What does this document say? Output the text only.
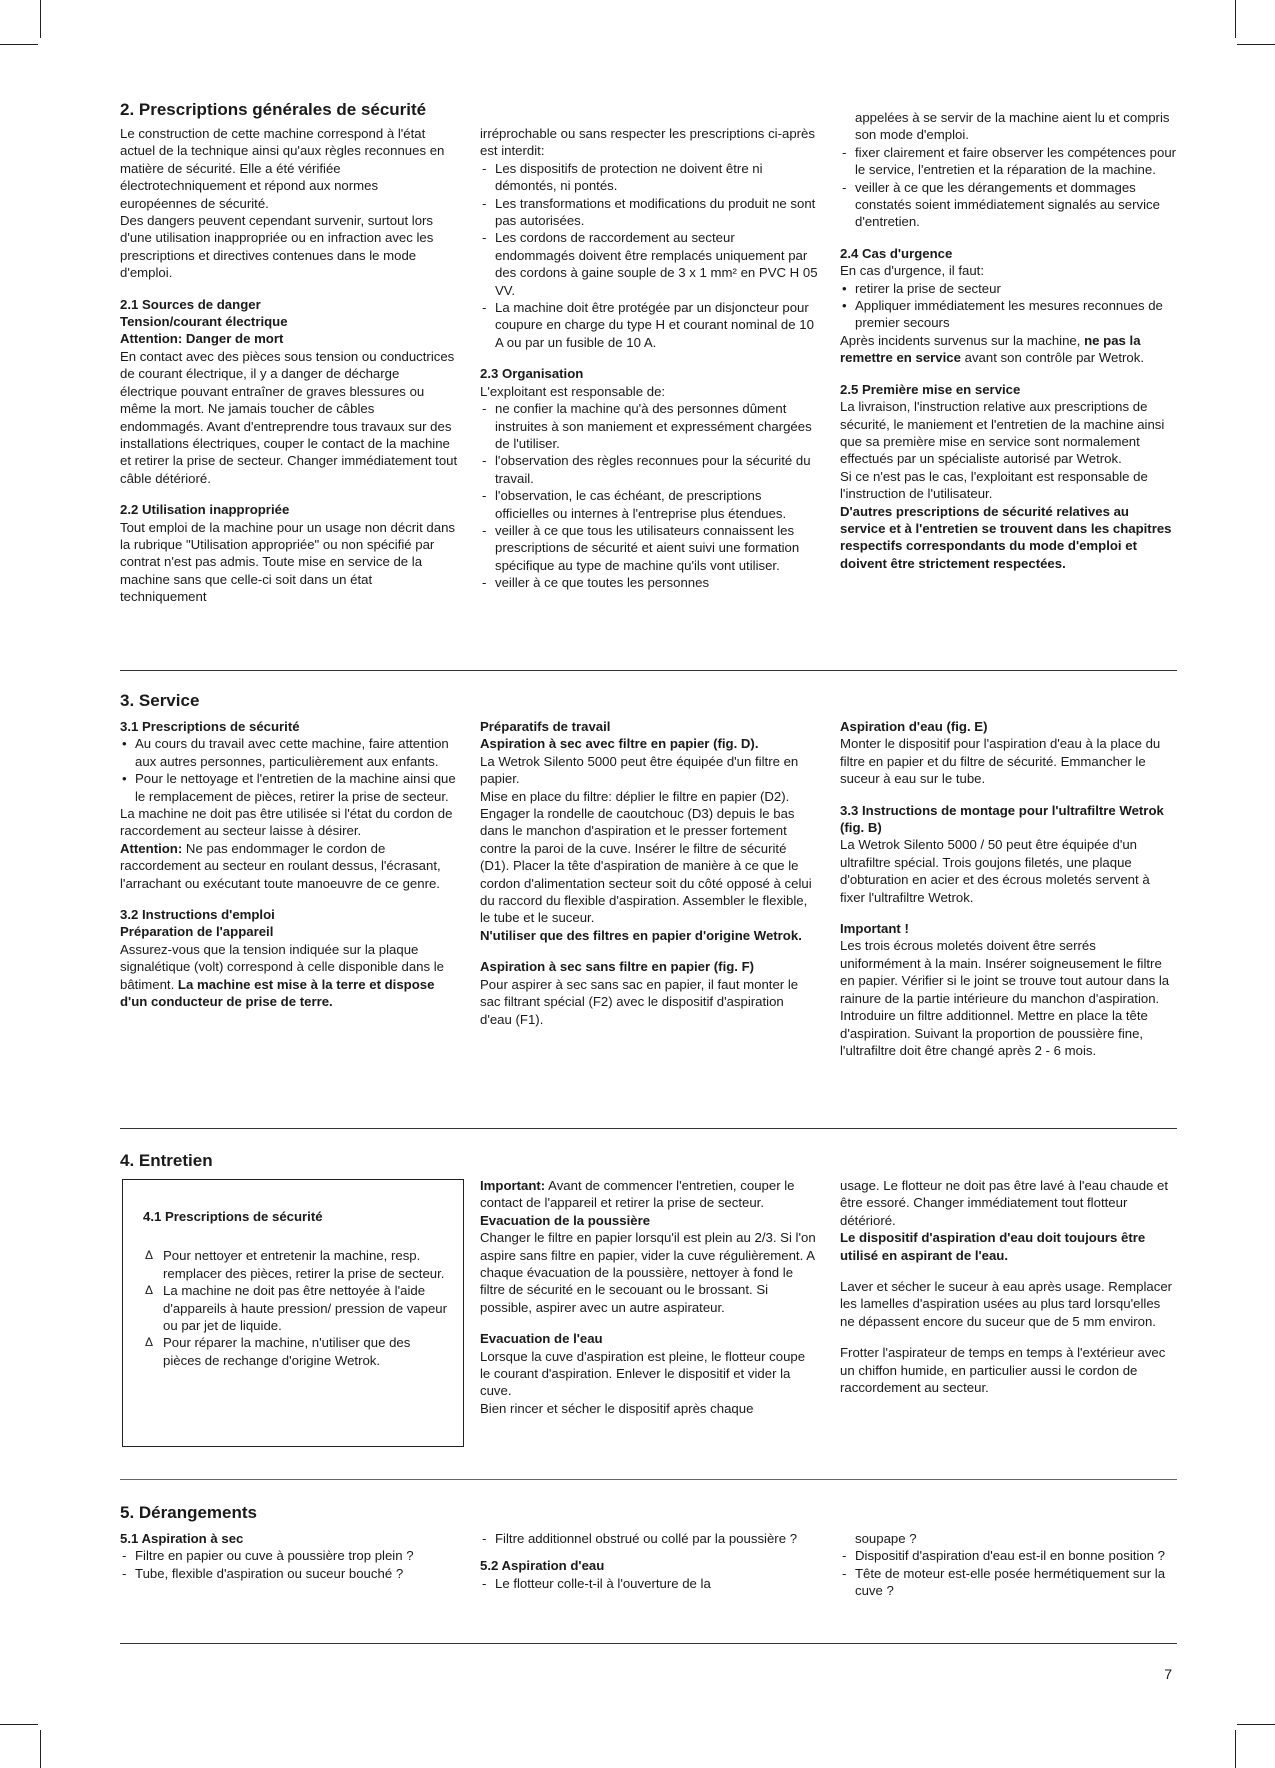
2. Prescriptions générales de sécurité

Le construction de cette machine correspond à l'état actuel de la technique ainsi qu'aux règles reconnues en matière de sécurité. Elle a été vérifiée électrotechniquement et répond aux normes européennes de sécurité.

Des dangers peuvent cependant survenir, surtout lors d'une utilisation inappropriée ou en infraction avec les prescriptions et directives contenues dans le mode d'emploi.

2.1 Sources de danger

Tension/courant électrique

Attention: Danger de mort

En contact avec des pièces sous tension ou conductrices de courant électrique, il y a danger de décharge électrique pouvant entraîner de graves blessures ou même la mort. Ne jamais toucher de câbles endommagés. Avant d'entreprendre tous travaux sur des installations électriques, couper le contact de la machine et retirer la prise de secteur. Changer immédiatement tout câble détérioré.

2.2 Utilisation inappropriée

Tout emploi de la machine pour un usage non décrit dans la rubrique "Utilisation appropriée" ou non spécifié par contrat n'est pas admis. Toute mise en service de la machine sans que celle-ci soit dans un état techniquement

irréprochable ou sans respecter les prescriptions ci-après est interdit:

- Les dispositifs de protection ne doivent être ni démontés, ni pontés.
- Les transformations et modifications du produit ne sont pas autorisées.
- Les cordons de raccordement au secteur endommagés doivent être remplacés uniquement par des cordons à gaine souple de 3 x 1 mm² en PVC H 05 VV.
- La machine doit être protégée par un disjoncteur pour coupure en charge du type H et courant nominal de 10 A ou par un fusible de 10 A.

2.3 Organisation

L'exploitant est responsable de:

- ne confier la machine qu'à des personnes dûment instruites à son maniement et expressément chargées de l'utiliser.
- l'observation des règles reconnues pour la sécurité du travail.
- l'observation, le cas échéant, de prescriptions officielles ou internes à l'entreprise plus étendues.
- veiller à ce que tous les utilisateurs connaissent les prescriptions de sécurité et aient suivi une formation spécifique au type de machine qu'ils vont utiliser.
- veiller à ce que toutes les personnes

appelées à se servir de la machine aient lu et compris son mode d'emploi.

- fixer clairement et faire observer les compétences pour le service, l'entretien et la réparation de la machine.
- veiller à ce que les dérangements et dommages constatés soient immédiatement signalés au service d'entretien.

2.4 Cas d'urgence

En cas d'urgence, il faut:

• retirer la prise de secteur
• Appliquer immédiatement les mesures reconnues de premier secours

Après incidents survenus sur la machine, ne pas la remettre en service avant son contrôle par Wetrok.

2.5 Première mise en service

La livraison, l'instruction relative aux prescriptions de sécurité, le maniement et l'entretien de la machine ainsi que sa première mise en service sont normalement effectués par un spécialiste autorisé par Wetrok.

Si ce n'est pas le cas, l'exploitant est responsable de l'instruction de l'utilisateur.

D'autres prescriptions de sécurité relatives au service et à l'entretien se trouvent dans les chapitres respectifs correspondants du mode d'emploi et doivent être strictement respectées.

3. Service

3.1 Prescriptions de sécurité

• Au cours du travail avec cette machine, faire attention aux autres personnes, particulièrement aux enfants.
• Pour le nettoyage et l'entretien de la machine ainsi que le remplacement de pièces, retirer la prise de secteur.

La machine ne doit pas être utilisée si l'état du cordon de raccordement au secteur laisse à désirer.

Attention: Ne pas endommager le cordon de raccordement au secteur en roulant dessus, l'écrasant, l'arrachant ou exécutant toute manoeuvre de ce genre.

3.2 Instructions d'emploi

Préparation de l'appareil

Assurez-vous que la tension indiquée sur la plaque signalétique (volt) correspond à celle disponible dans le bâtiment. La machine est mise à la terre et dispose d'un conducteur de prise de terre.

Préparatifs de travail

Aspiration à sec avec filtre en papier (fig. D).

La Wetrok Silento 5000 peut être équipée d'un filtre en papier.

Mise en place du filtre: déplier le filtre en papier (D2). Engager la rondelle de caoutchouc (D3) depuis le bas dans le manchon d'aspiration et le presser fortement contre la paroi de la cuve. Insérer le filtre de sécurité (D1). Placer la tête d'aspiration de manière à ce que le cordon d'alimentation secteur soit du côté opposé à celui du raccord du flexible d'aspiration. Assembler le flexible, le tube et le suceur.

N'utiliser que des filtres en papier d'origine Wetrok.

Aspiration à sec sans filtre en papier (fig. F)

Pour aspirer à sec sans sac en papier, il faut monter le sac filtrant spécial (F2) avec le dispositif d'aspiration d'eau (F1).

Aspiration d'eau (fig. E)

Monter le dispositif pour l'aspiration d'eau à la place du filtre en papier et du filtre de sécurité. Emmancher le suceur à eau sur le tube.

3.3 Instructions de montage pour l'ultrafiltre Wetrok (fig. B)

La Wetrok Silento 5000 / 50 peut être équipée d'un ultrafiltre spécial. Trois goujons filetés, une plaque d'obturation en acier et des écrous moletés servent à fixer l'ultrafiltre Wetrok.

Important !

Les trois écrous moletés doivent être serrés uniformément à la main. Insérer soigneusement le filtre en papier. Vérifier si le joint se trouve tout autour dans la rainure de la partie intérieure du manchon d'aspiration. Introduire un filtre additionnel. Mettre en place la tête d'aspiration. Suivant la proportion de poussière fine, l'ultrafiltre doit être changé après 2 - 6 mois.

4. Entretien

4.1 Prescriptions de sécurité

Δ Pour nettoyer et entretenir la machine, resp. remplacer des pièces, retirer la prise de secteur.
Δ La machine ne doit pas être nettoyée à l'aide d'appareils à haute pression/ pression de vapeur ou par jet de liquide.
Δ Pour réparer la machine, n'utiliser que des pièces de rechange d'origine Wetrok.

Important: Avant de commencer l'entretien, couper le contact de l'appareil et retirer la prise de secteur.

Evacuation de la poussière

Changer le filtre en papier lorsqu'il est plein au 2/3. Si l'on aspire sans filtre en papier, vider la cuve régulièrement. A chaque évacuation de la poussière, nettoyer à fond le filtre de sécurité en le secouant ou le brossant. Si possible, aspirer avec un autre aspirateur.

Evacuation de l'eau

Lorsque la cuve d'aspiration est pleine, le flotteur coupe le courant d'aspiration. Enlever le dispositif et vider la cuve.

Bien rincer et sécher le dispositif après chaque

usage. Le flotteur ne doit pas être lavé à l'eau chaude et être essoré. Changer immédiatement tout flotteur détérioré.

Le dispositif d'aspiration d'eau doit toujours être utilisé en aspirant de l'eau.

Laver et sécher le suceur à eau après usage. Remplacer les lamelles d'aspiration usées au plus tard lorsqu'elles ne dépassent encore du suceur que de 5 mm environ.

Frotter l'aspirateur de temps en temps à l'extérieur avec un chiffon humide, en particulier aussi le cordon de raccordement au secteur.

5. Dérangements

5.1 Aspiration à sec

- Filtre en papier ou cuve à poussière trop plein ?
- Tube, flexible d'aspiration ou suceur bouché ?
- Filtre additionnel obstrué ou collé par la poussière ?

5.2 Aspiration d'eau

- Le flotteur colle-t-il à l'ouverture de la

soupape ?

- Dispositif d'aspiration d'eau est-il en bonne position ?
- Tête de moteur est-elle posée hermétiquement sur la cuve ?
7
